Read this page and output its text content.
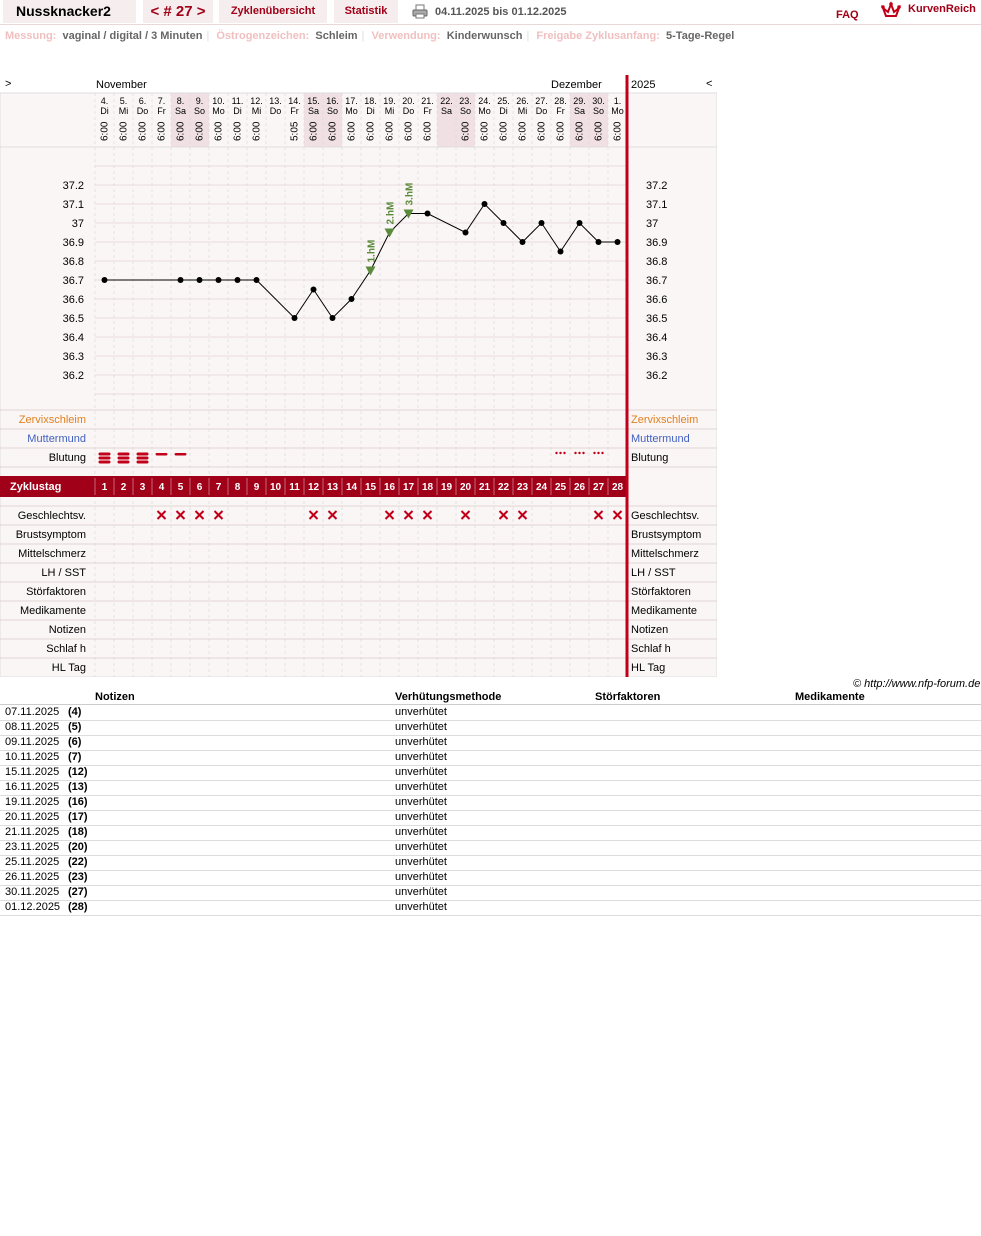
Nussknacker2	< # 27 >	Zyklenübersicht	Statistik	04.11.2025 bis 01.12.2025	FAQ	KurvenReich
Messung: vaginal / digital / 3 Minuten | Östrogenzeichen: Schleim | Verwendung: Kinderwunsch | Freigabe Zyklusanfang: 5-Tage-Regel
>	<
November	Dezember	2025
4.
Di
6:00
5.
Mi
6:00
6.
Do
6:00
7.
Fr
6:00
8.
Sa
6:00
9.
So
6:00
10.
Mo
6:00
11.
Di
6:00
12.
Mi
6:00
13.
Do
14.
Fr
5:05
15.
Sa
6:00
16.
So
6:00
17.
Mo
6:00
18.
Di
6:00
19.
Mi
6:00
20.
Do
6:00
21.
Fr
6:00
22.
Sa
23.
So
6:00
24.
Mo
6:00
25.
Di
6:00
26.
Mi
6:00
27.
Do
6:00
28.
Fr
6:00
29.
Sa
6:00
30.
So
6:00
1.
Mo
6:00
37.2	37.2
37.1	37.1
37	37
36.9	36.9
36.8	36.8
36.7	36.7
36.6	36.6
36.5	36.5
36.4	36.4
36.3	36.3
36.2	36.2
1.hM
2.hM
3.hM
Zervixschleim	Zervixschleim
Muttermund	Muttermund
Blutung	Blutung
Zyklustag	1 2 3 4 5 6 7 8 9 10 11 12 13 14 15 16 17 18 19 20 21 22 23 24 25 26 27 28
Geschlechtsv.	Geschlechtsv.
Brustsymptom	Brustsymptom
Mittelschmerz	Mittelschmerz
LH / SST	LH / SST
Störfaktoren	Störfaktoren
Medikamente	Medikamente
Notizen	Notizen
Schlaf h	Schlaf h
HL Tag	HL Tag
© http://www.nfp-forum.de
Notizen	Verhütungsmethode	Störfaktoren	Medikamente
07.11.2025 (4)	unverhütet
08.11.2025 (5)	unverhütet
09.11.2025 (6)	unverhütet
10.11.2025 (7)	unverhütet
15.11.2025 (12)	unverhütet
16.11.2025 (13)	unverhütet
19.11.2025 (16)	unverhütet
20.11.2025 (17)	unverhütet
21.11.2025 (18)	unverhütet
23.11.2025 (20)	unverhütet
25.11.2025 (22)	unverhütet
26.11.2025 (23)	unverhütet
30.11.2025 (27)	unverhütet
01.12.2025 (28)	unverhütet
